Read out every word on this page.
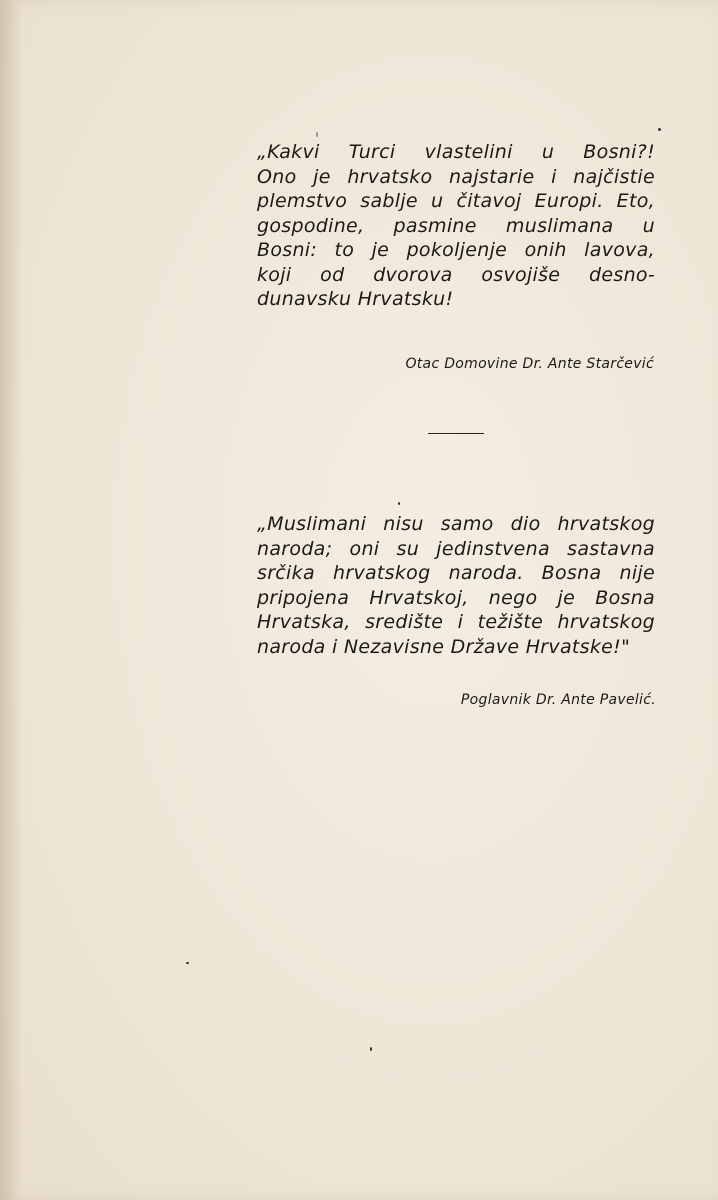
„Kakvi Turci vlastelini u Bosni?!
Ono je hrvatsko najstarie i najčistie
plemstvo sablje u čitavoj Europi. Eto,
gospodine, pasmine muslimana u
Bosni: to je pokoljenje onih lavova,
koji od dvorova osvojiše desno-
dunavsku Hrvatsku!
Otac Domovine Dr. Ante Starčević
„Muslimani nisu samo dio hrvatskog
naroda; oni su jedinstvena sastavna
srčika hrvatskog naroda. Bosna nije
pripojena Hrvatskoj, nego je Bosna
Hrvatska, središte i težište hrvatskog
naroda i Nezavisne Države Hrvatske!"
Poglavnik Dr. Ante Pavelić.
